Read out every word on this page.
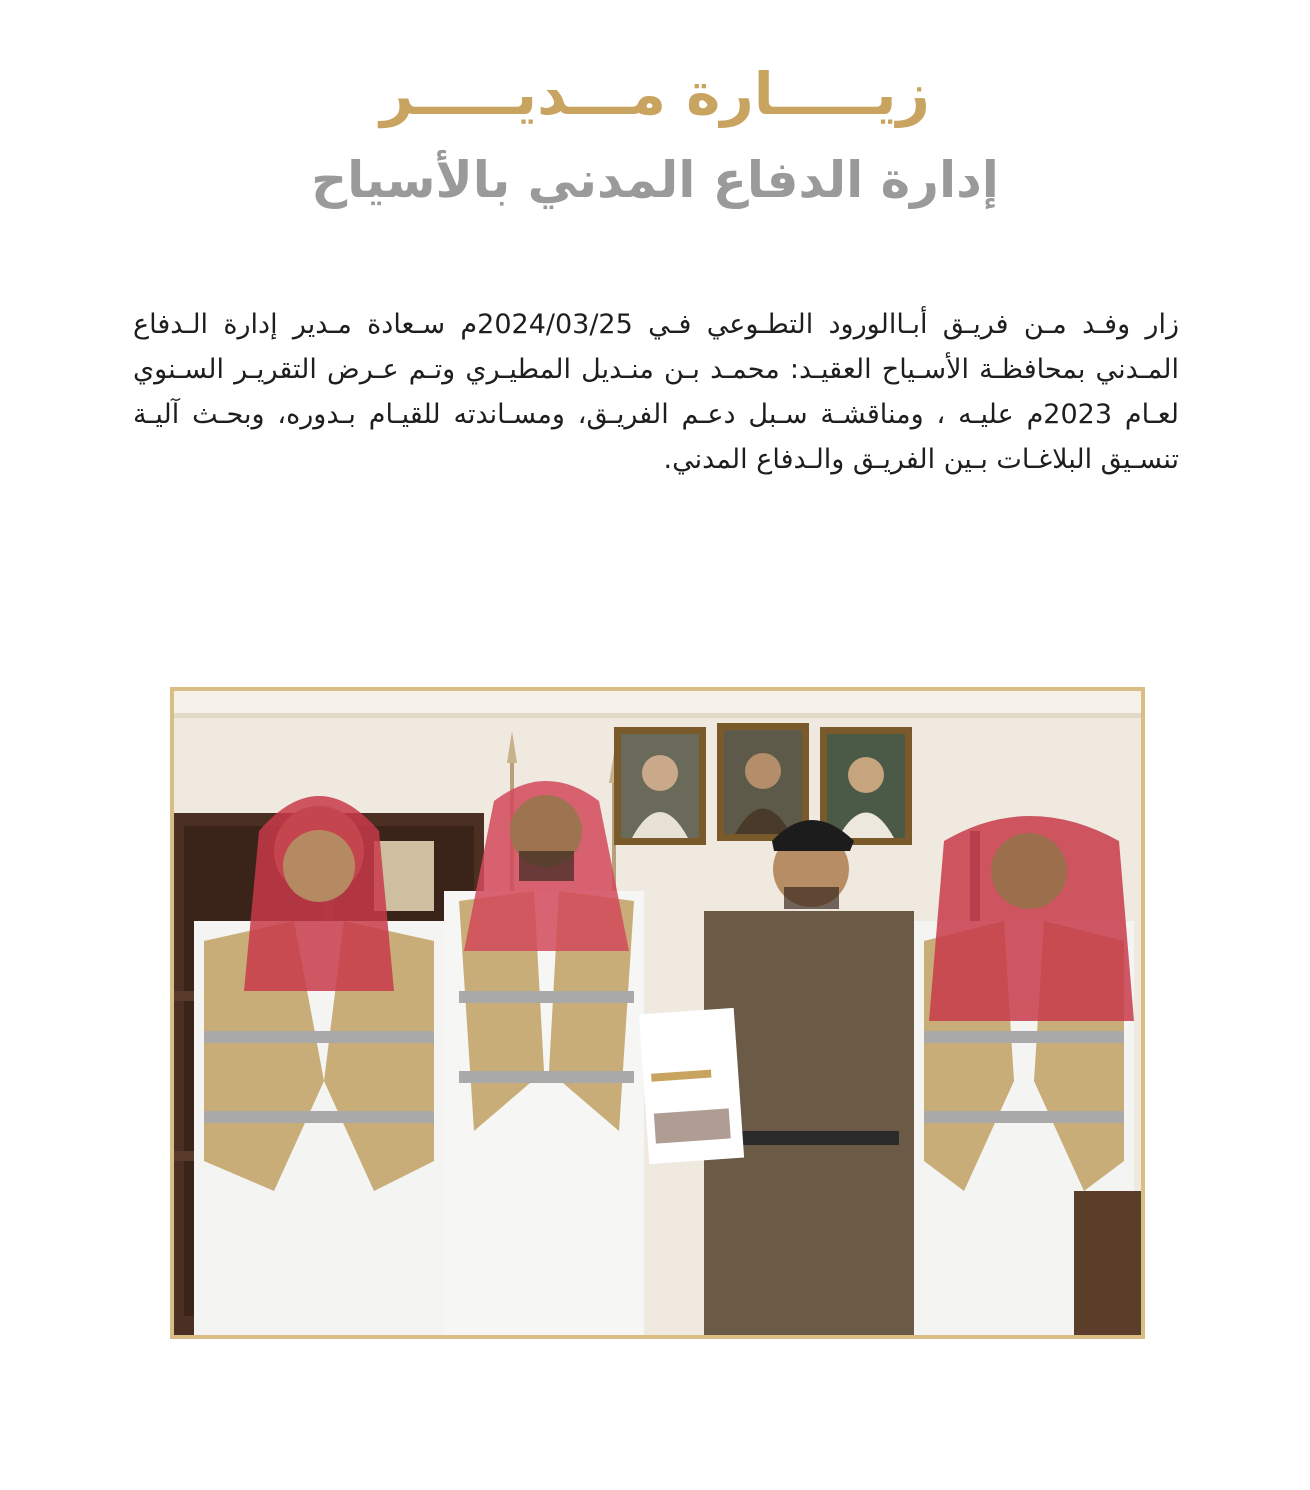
زيـــــارة مـــديـــــر
إدارة الدفاع المدني بالأسياح

زار وفـد مـن فريـق أبـاالورود التطـوعي فـي 2024/03/25م سـعادة مـدير إدارة الـدفاع المـدني بمحافظـة الأسـياح العقيـد: محمـد بـن منـديل المطيـري وتـم عـرض التقريـر السـنوي لعـام 2023م عليـه ، ومناقشـة سـبل دعـم الفريـق، ومسـاندته للقيـام بـدوره، وبحـث آليـة تنسـيق البلاغـات بـين الفريـق والـدفاع المدني.
